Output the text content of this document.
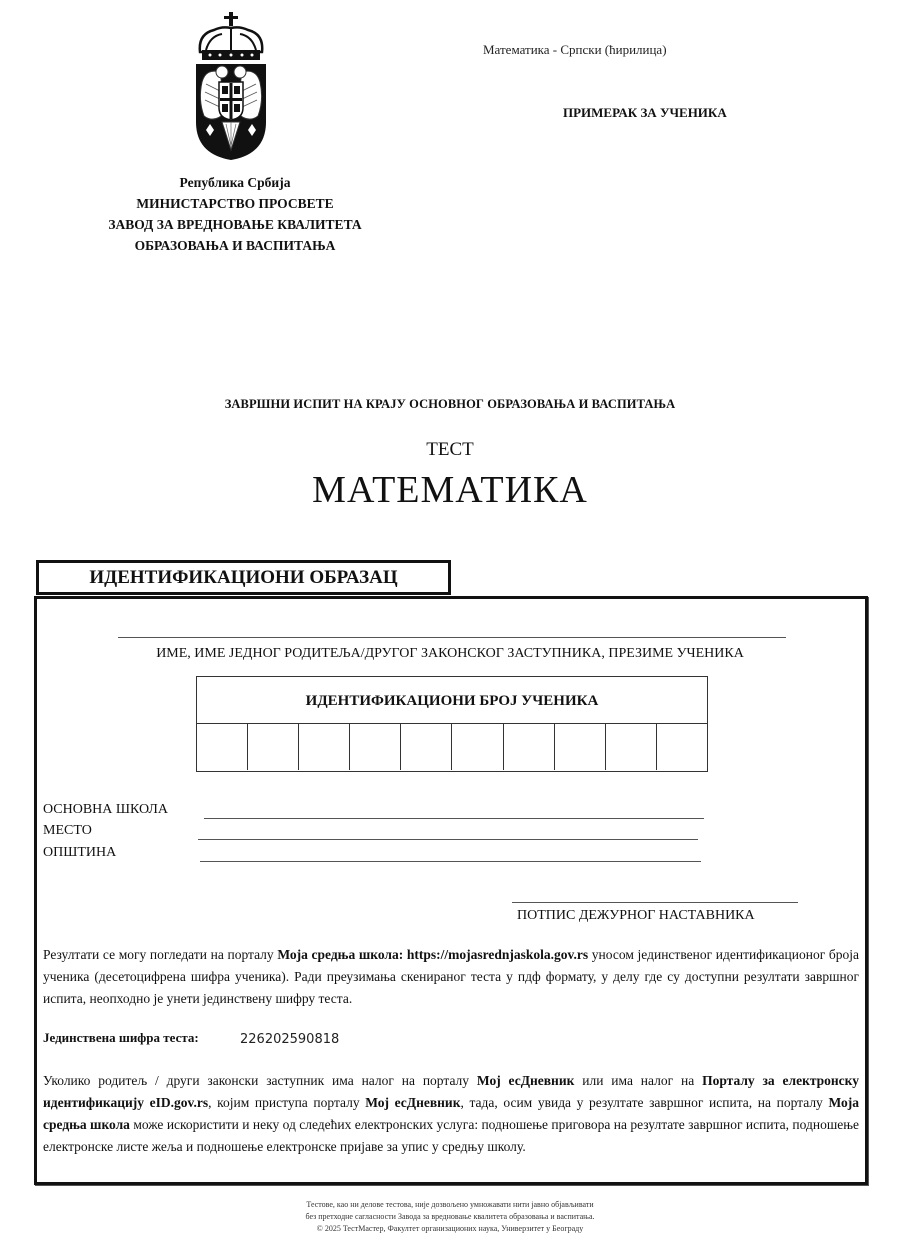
Република Србија
МИНИСТАРСТВО ПРОСВЕТЕ
ЗАВОД ЗА ВРЕДНОВАЊЕ КВАЛИТЕТА
ОБРАЗОВАЊА И ВАСПИТАЊА
Математика - Српски (ћирилица)
ПРИМЕРАК ЗА УЧЕНИКА
ЗАВРШНИ ИСПИТ НА КРАЈУ ОСНОВНОГ ОБРАЗОВАЊА И ВАСПИТАЊА
ТЕСТ
МАТЕМАТИКА
ИДЕНТИФИКАЦИОНИ ОБРАЗАЦ
ИМЕ, ИМЕ ЈЕДНОГ РОДИТЕЉА/ДРУГОГ ЗАКОНСКОГ ЗАСТУПНИКА, ПРЕЗИМЕ УЧЕНИКА
ИДЕНТИФИКАЦИОНИ БРОЈ УЧЕНИКА
ОСНОВНА ШКОЛА
МЕСТО
ОПШТИНА
ПОТПИС ДЕЖУРНОГ НАСТАВНИКА
Резултати се могу погледати на порталу Моја средња школа: https://mojasrednjaskola.gov.rs уносом јединственог идентификационог броја ученика (десетоцифрена шифра ученика). Ради преузимања скенираног теста у пдф формату, у делу где су доступни резултати завршног испита, неопходно је унети јединствену шифру теста.
Јединствена шифра теста:	226202590818
Уколико родитељ / други законски заступник има налог на порталу Мој есДневник или има налог на Порталу за електронску идентификацију eID.gov.rs, којим приступа порталу Мој есДневник, тада, осим увида у резултате завршног испита, на порталу Моја средња школа може искористити и неку од следећих електронских услуга: подношење приговора на резултате завршног испита, подношење електронске листе жеља и подношење електронске пријаве за упис у средњу школу.
Тестове, као ни делове тестова, није дозвољено умножавати нити јавно објављивати
без претходне сагласности Завода за вредновање квалитета образовања и васпитања.
© 2025 ТестМастер, Факултет организационих наука, Универзитет у Београду
